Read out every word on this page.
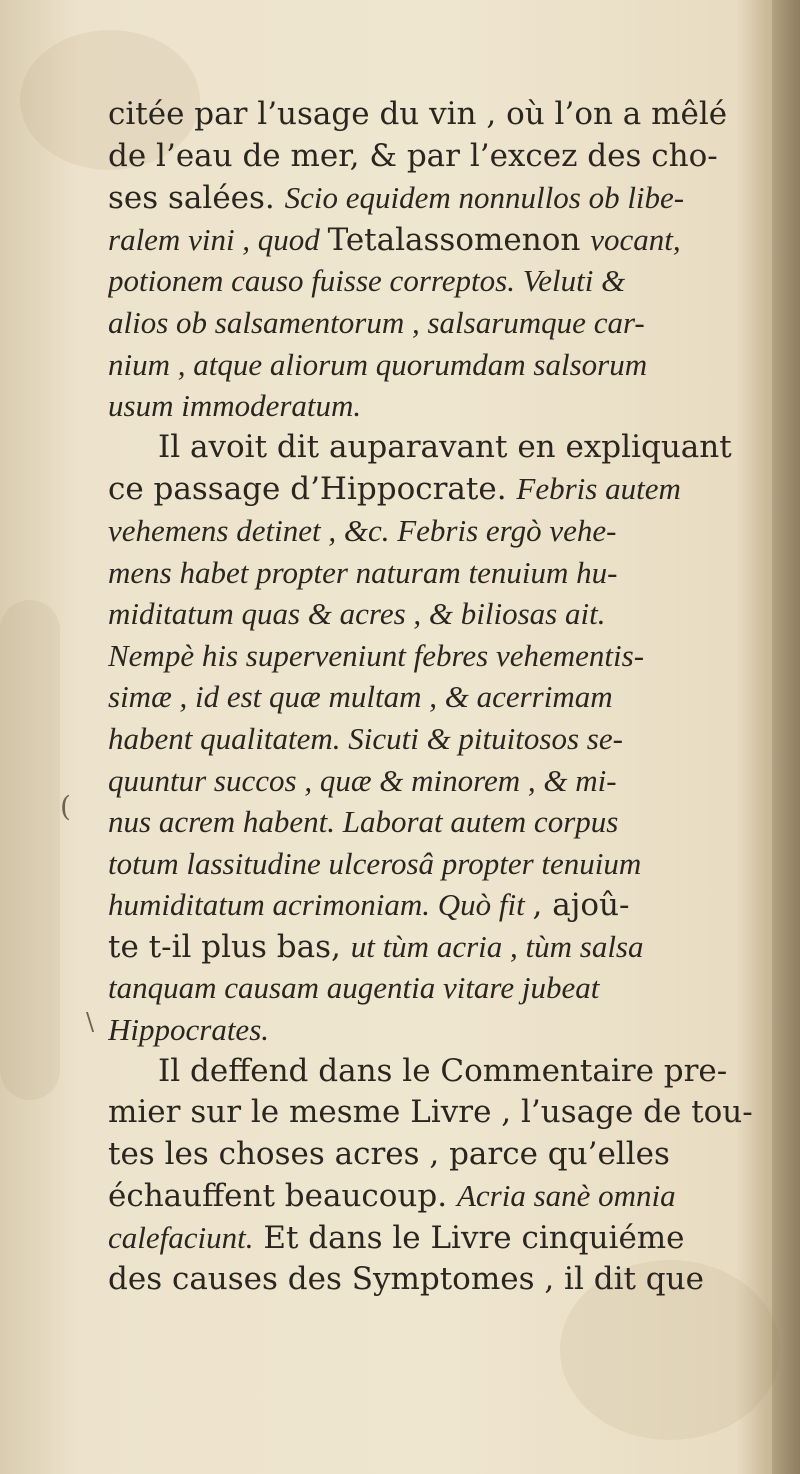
citée par l’usage du vin , où l’on a mêlé
de l’eau de mer, & par l’excez des cho-
ses salées. Scio equidem nonnullos ob libe-
ralem vini , quod Tetalassomenon vocant,
potionem causo fuisse correptos. Veluti &
alios ob salsamentorum , salsarumque car-
nium , atque aliorum quorumdam salsorum
usum immoderatum.
Il avoit dit auparavant en expliquant
ce passage d’Hippocrate. Febris autem
vehemens detinet , &c. Febris ergò vehe-
mens habet propter naturam tenuium hu-
miditatum quas & acres , & biliosas ait.
Nempè his superveniunt febres vehementis-
simæ , id est quæ multam , & acerrimam
habent qualitatem. Sicuti & pituitosos se-
quuntur succos , quæ & minorem , & mi-
nus acrem habent. Laborat autem corpus
totum lassitudine ulcerosâ propter tenuium
humiditatum acrimoniam. Quò fit , ajoû-
te t-il plus bas, ut tùm acria , tùm salsa
tanquam causam augentia vitare jubeat
Hippocrates.
Il deffend dans le Commentaire pre-
mier sur le mesme Livre , l’usage de tou-
tes les choses acres , parce qu’elles
échauffent beaucoup. Acria sanè omnia
calefaciunt. Et dans le Livre cinquiéme
des causes des Symptomes , il dit que
(
\
